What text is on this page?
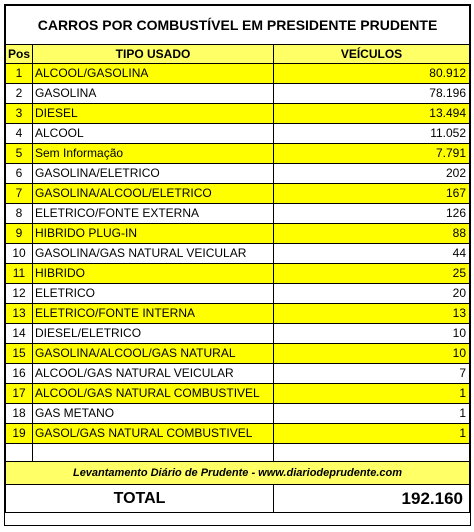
CARROS POR COMBUSTÍVEL EM PRESIDENTE PRUDENTE		
Pos	TIPO USADO	VEÍCULOS
1	ALCOOL/GASOLINA	80.912
2	GASOLINA	78.196
3	DIESEL	13.494
4	ALCOOL	11.052
5	Sem Informação	7.791
6	GASOLINA/ELETRICO	202
7	GASOLINA/ALCOOL/ELETRICO	167
8	ELETRICO/FONTE EXTERNA	126
9	HIBRIDO PLUG-IN	88
10	GASOLINA/GAS NATURAL VEICULAR	44
11	HIBRIDO	25
12	ELETRICO	20
13	ELETRICO/FONTE INTERNA	13
14	DIESEL/ELETRICO	10
15	GASOLINA/ALCOOL/GAS NATURAL	10
16	ALCOOL/GAS NATURAL VEICULAR	7
17	ALCOOL/GAS NATURAL COMBUSTIVEL	1
18	GAS METANO	1
19	GASOL/GAS NATURAL COMBUSTIVEL	1

Levantamento Diário de Prudente - www.diariodeprudente.com		
TOTAL		192.160
